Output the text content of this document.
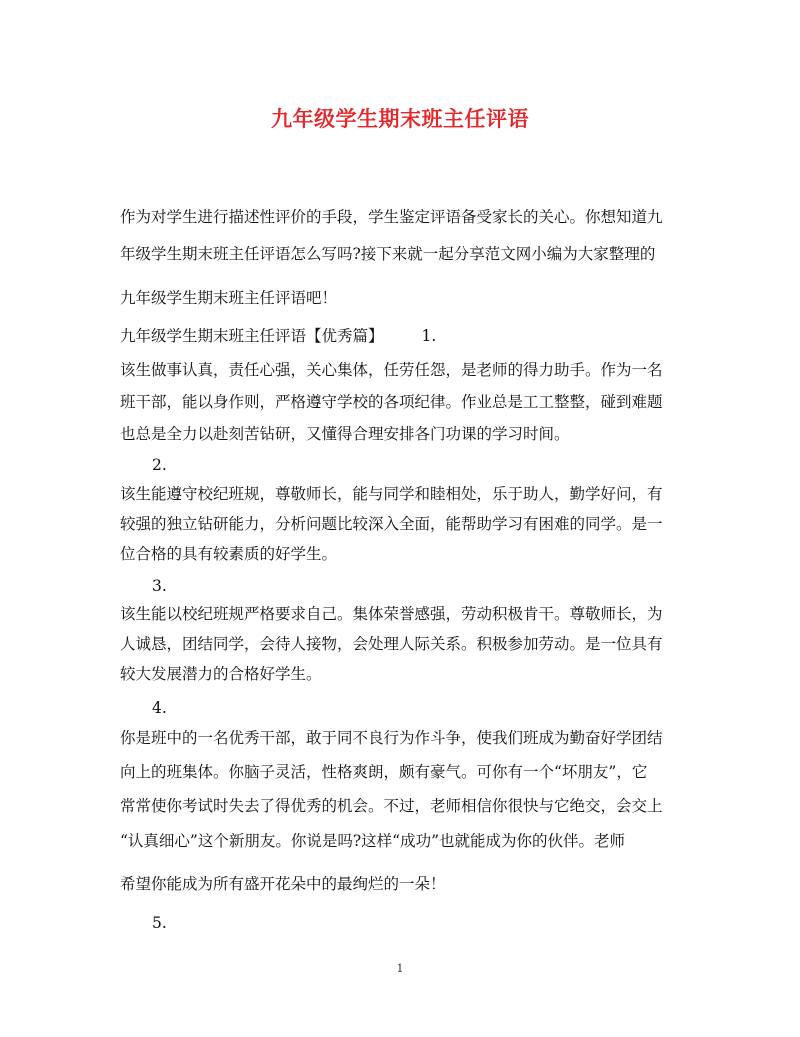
九年级学生期末班主任评语
作为对学生进行描述性评价的手段，学生鉴定评语备受家长的关心。你想知道九
年级学生期末班主任评语怎么写吗?接下来就一起分享范文网小编为大家整理的
九年级学生期末班主任评语吧！
九年级学生期末班主任评语【优秀篇】 1.
该生做事认真，责任心强，关心集体，任劳任怨，是老师的得力助手。作为一名
班干部，能以身作则，严格遵守学校的各项纪律。作业总是工工整整，碰到难题
也总是全力以赴刻苦钻研，又懂得合理安排各门功课的学习时间。
2.
该生能遵守校纪班规，尊敬师长，能与同学和睦相处，乐于助人，勤学好问，有
较强的独立钻研能力，分析问题比较深入全面，能帮助学习有困难的同学。是一
位合格的具有较素质的好学生。
3.
该生能以校纪班规严格要求自己。集体荣誉感强，劳动积极肯干。尊敬师长，为
人诚恳，团结同学，会待人接物，会处理人际关系。积极参加劳动。是一位具有
较大发展潜力的合格好学生。
4.
你是班中的一名优秀干部，敢于同不良行为作斗争，使我们班成为勤奋好学团结
向上的班集体。你脑子灵活，性格爽朗，颇有豪气。可你有一个“坏朋友”，它
常常使你考试时失去了得优秀的机会。不过，老师相信你很快与它绝交，会交上
“认真细心”这个新朋友。你说是吗?这样“成功”也就能成为你的伙伴。老师
希望你能成为所有盛开花朵中的最绚烂的一朵！
5.
1
